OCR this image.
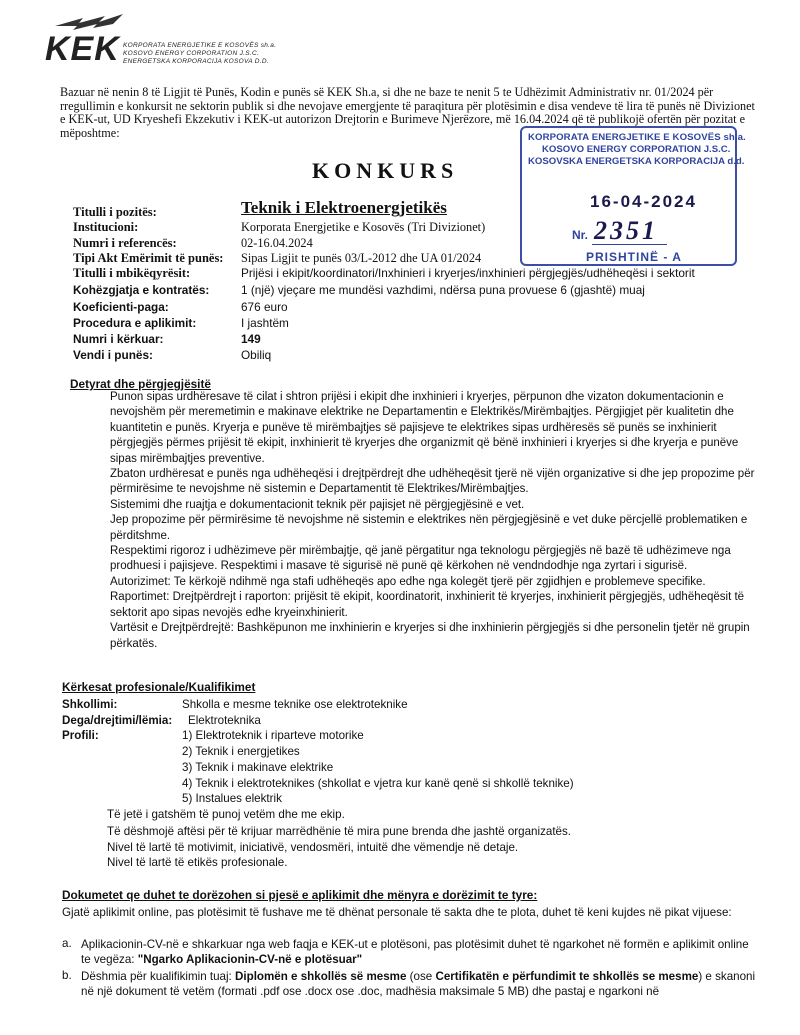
KEK KORPORATA ENERGJETIKE E KOSOVËS sh.a.
KOSOVO ENERGY CORPORATION J.S.C.
ENERGETSKA KORPORACIJA KOSOVA D.D.
Bazuar në nenin 8 të Ligjit të Punës, Kodin e punës së KEK Sh.a, si dhe ne baze te nenit 5 te Udhëzimit Administrativ nr. 01/2024 për rregullimin e konkursit ne sektorin publik si dhe nevojave emergjente të paraqitura për plotësimin e disa vendeve të lira të punës në Divizionet e KEK-ut, UD Kryeshefi Ekzekutiv i KEK-ut autorizon Drejtorin e Burimeve Njerëzore, më 16.04.2024 që të publikojë ofertën për pozitat e mëposhtme:	KORPORATA ENERGJETIKE E KOSOVËS sh.a.
KOSOVO ENERGY CORPORATION J.S.C.
KOSOVSKA ENERGETSKA KORPORACIJA d.d.
16-04-2024
Nr. 2351
PRISHTINË - A
KONKURS
Titulli i pozitës:	Teknik i Elektroenergjetikës
Institucioni:	Korporata Energjetike e Kosovës (Tri Divizionet)
Numri i referencës:	02-16.04.2024
Tipi Akt Emërimit të punës: Sipas Ligjit te punës 03/L-2012 dhe UA 01/2024
Titulli i mbikëqyrësit:	Prijësi i ekipit/koordinatori/Inxhinieri i kryerjes/inxhinieri përgjegjës/udhëheqësi i sektorit
Kohëzgjatja e kontratës:	1 (një) vjeçare me mundësi vazhdimi, ndërsa puna provuese 6 (gjashtë) muaj
Koeficienti-paga:	676 euro
Procedura e aplikimit:	I jashtëm
Numri i kërkuar:	149
Vendi i punës:	Obiliq
Detyrat dhe përgjegjësitë

Punon sipas urdhëresave të cilat i shtron prijësi i ekipit dhe inxhinieri i kryerjes, përpunon dhe vizaton dokumentacionin e nevojshëm për meremetimin e makinave elektrike ne Departamentin e Elektrikës/Mirëmbajtjes. Përgjigjet për kualitetin dhe kuantitetin e punës. Kryerja e punëve të mirëmbajtjes së pajisjeve te elektrikes sipas urdhëresës së punës se inxhinierit përgjegjës përmes prijësit të ekipit, inxhinierit të kryerjes dhe organizmit që bënë inxhinieri i kryerjes si dhe kryerja e punëve sipas mirëmbajtjes preventive.

Zbaton urdhëresat e punës nga udhëheqësi i drejtpërdrejt dhe udhëheqësit tjerë në vijën organizative si dhe jep propozime për përmirësime te nevojshme në sistemin e Departamentit të Elektrikes/Mirëmbajtjes.

Sistemimi dhe ruajtja e dokumentacionit teknik për pajisjet në përgjegjësinë e vet.

Jep propozime për përmirësime të nevojshme në sistemin e elektrikes nën përgjegjësinë e vet duke përcjellë problematiken e përditshme.

Respektimi rigoroz i udhëzimeve për mirëmbajtje, që janë përgatitur nga teknologu përgjegjës në bazë të udhëzimeve nga prodhuesi i pajisjeve. Respektimi i masave të sigurisë në punë që kërkohen në vendndodhje nga zyrtari i sigurisë.

Autorizimet: Te kërkojë ndihmë nga stafi udhëheqës apo edhe nga kolegët tjerë për zgjidhjen e problemeve specifike.

Raportimet: Drejtpërdrejt i raporton: prijësit të ekipit, koordinatorit, inxhinierit të kryerjes, inxhinierit përgjegjës, udhëheqësit të sektorit apo sipas nevojës edhe kryeinxhinierit.

Vartësit e Drejtpërdrejtë: Bashkëpunon me inxhinierin e kryerjes si dhe inxhinierin përgjegjës si dhe personelin tjetër në grupin përkatës.

Kërkesat profesionale/Kualifikimet
Shkollimi:	Shkolla e mesme teknike ose elektroteknike
Dega/drejtimi/lëmia: Elektroteknika
Profili:	1) Elektroteknik i riparteve motorike
2) Teknik i energjetikes
3) Teknik i makinave elektrike
4) Teknik i elektroteknikes (shkollat e vjetra kur kanë qenë si shkollë teknike)
5) Instalues elektrik
Të jetë i gatshëm të punoj vetëm dhe me ekip.
Të dëshmojë aftësi për të krijuar marrëdhënie të mira pune brenda dhe jashtë organizatës.
Nivel të lartë të motivimit, iniciativë, vendosmëri, intuitë dhe vëmendje në detaje.
Nivel të lartë të etikës profesionale.
Dokumetet qe duhet te dorëzohen si pjesë e aplikimit dhe mënyra e dorëzimit te tyre:
Gjatë aplikimit online, pas plotësimit të fushave me të dhënat personale të sakta dhe te plota, duhet të keni kujdes në pikat vijuese:
a. Aplikacionin-CV-në e shkarkuar nga web faqja e KEK-ut e plotësoni, pas plotësimit duhet të ngarkohet në formën e aplikimit online te vegëza: "Ngarko Aplikacionin-CV-në e plotësuar"
b. Dëshmia për kualifikimin tuaj: Diplomën e shkollës së mesme (ose Certifikatën e përfundimit te shkollës se mesme) e skanoni në një dokument të vetëm (formati .pdf ose .docx ose .doc, madhësia maksimale 5 MB) dhe pastaj e ngarkoni në
